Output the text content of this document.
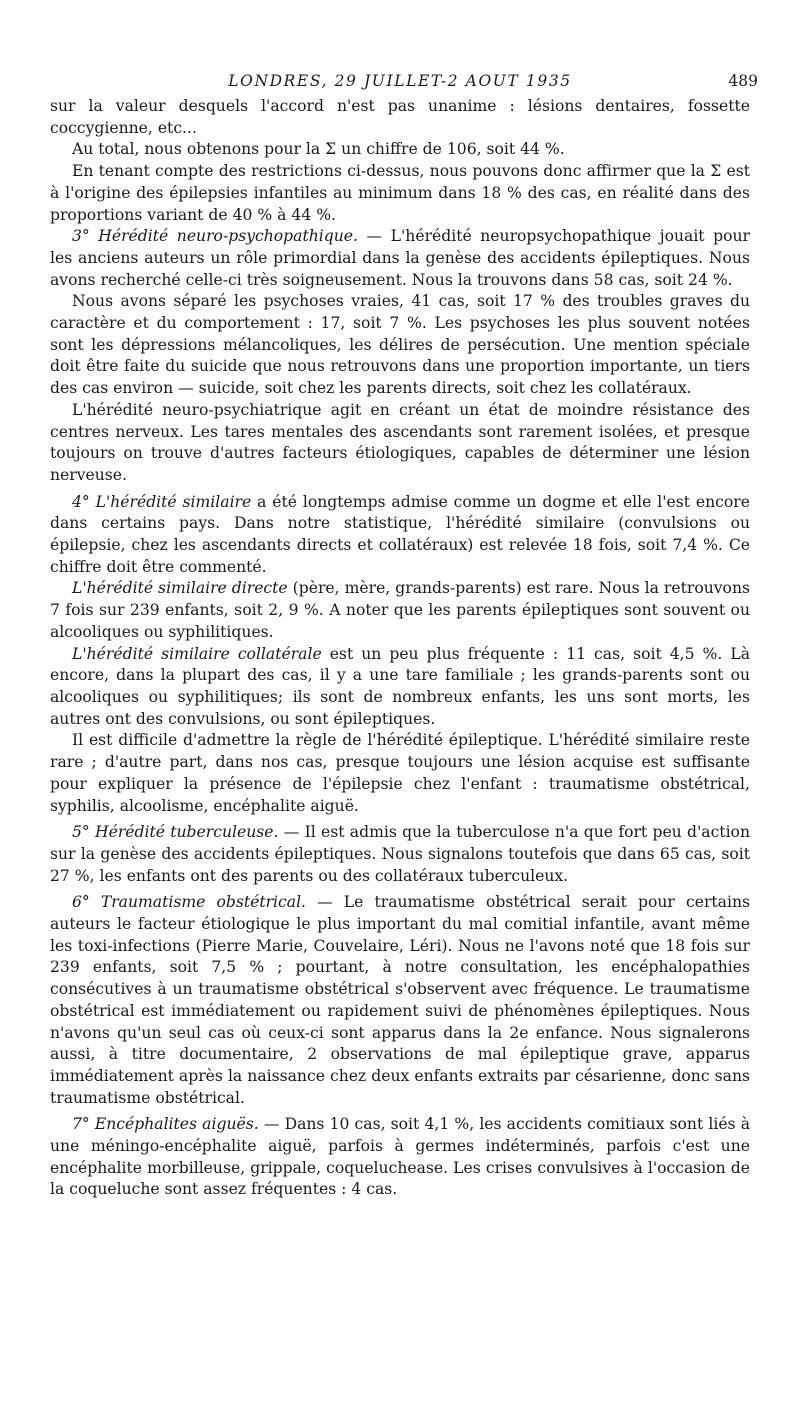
LONDRES, 29 JUILLET-2 AOUT 1935	489

sur la valeur desquels l'accord n'est pas unanime : lésions dentaires, fossette coccygienne, etc...

Au total, nous obtenons pour la Σ un chiffre de 106, soit 44 %.

En tenant compte des restrictions ci-dessus, nous pouvons donc affirmer que la Σ est à l'origine des épilepsies infantiles au minimum dans 18 % des cas, en réalité dans des proportions variant de 40 % à 44 %.

3° Hérédité neuro-psychopathique. — L'hérédité neuropsychopathique jouait pour les anciens auteurs un rôle primordial dans la genèse des accidents épileptiques. Nous avons recherché celle-ci très soigneusement. Nous la trouvons dans 58 cas, soit 24 %.

Nous avons séparé les psychoses vraies, 41 cas, soit 17 % des troubles graves du caractère et du comportement : 17, soit 7 %. Les psychoses les plus souvent notées sont les dépressions mélancoliques, les délires de persécution. Une mention spéciale doit être faite du suicide que nous retrouvons dans une proportion importante, un tiers des cas environ — suicide, soit chez les parents directs, soit chez les collatéraux.

L'hérédité neuro-psychiatrique agit en créant un état de moindre résistance des centres nerveux. Les tares mentales des ascendants sont rarement isolées, et presque toujours on trouve d'autres facteurs étiologiques, capables de déterminer une lésion nerveuse.

4° L'hérédité similaire a été longtemps admise comme un dogme et elle l'est encore dans certains pays. Dans notre statistique, l'hérédité similaire (convulsions ou épilepsie, chez les ascendants directs et collatéraux) est relevée 18 fois, soit 7,4 %. Ce chiffre doit être commenté.

L'hérédité similaire directe (père, mère, grands-parents) est rare. Nous la retrouvons 7 fois sur 239 enfants, soit 2, 9 %. A noter que les parents épileptiques sont souvent ou alcooliques ou syphilitiques.

L'hérédité similaire collatérale est un peu plus fréquente : 11 cas, soit 4,5 %. Là encore, dans la plupart des cas, il y a une tare familiale ; les grands-parents sont ou alcooliques ou syphilitiques; ils sont de nombreux enfants, les uns sont morts, les autres ont des convulsions, ou sont épileptiques.

Il est difficile d'admettre la règle de l'hérédité épileptique. L'hérédité similaire reste rare ; d'autre part, dans nos cas, presque toujours une lésion acquise est suffisante pour expliquer la présence de l'épilepsie chez l'enfant : traumatisme obstétrical, syphilis, alcoolisme, encéphalite aiguë.

5° Hérédité tuberculeuse. — Il est admis que la tuberculose n'a que fort peu d'action sur la genèse des accidents épileptiques. Nous signalons toutefois que dans 65 cas, soit 27 %, les enfants ont des parents ou des collatéraux tuberculeux.

6° Traumatisme obstétrical. — Le traumatisme obstétrical serait pour certains auteurs le facteur étiologique le plus important du mal comitial infantile, avant même les toxi-infections (Pierre Marie, Couvelaire, Léri). Nous ne l'avons noté que 18 fois sur 239 enfants, soit 7,5 % ; pourtant, à notre consultation, les encéphalopathies consécutives à un traumatisme obstétrical s'observent avec fréquence. Le traumatisme obstétrical est immédiatement ou rapidement suivi de phénomènes épileptiques. Nous n'avons qu'un seul cas où ceux-ci sont apparus dans la 2e enfance. Nous signalerons aussi, à titre documentaire, 2 observations de mal épileptique grave, apparus immédiatement après la naissance chez deux enfants extraits par césarienne, donc sans traumatisme obstétrical.

7° Encéphalites aiguës. — Dans 10 cas, soit 4,1 %, les accidents comitiaux sont liés à une méningo-encéphalite aiguë, parfois à germes indéterminés, parfois c'est une encéphalite morbilleuse, grippale, coqueluchease. Les crises convulsives à l'occasion de la coqueluche sont assez fréquentes : 4 cas.
